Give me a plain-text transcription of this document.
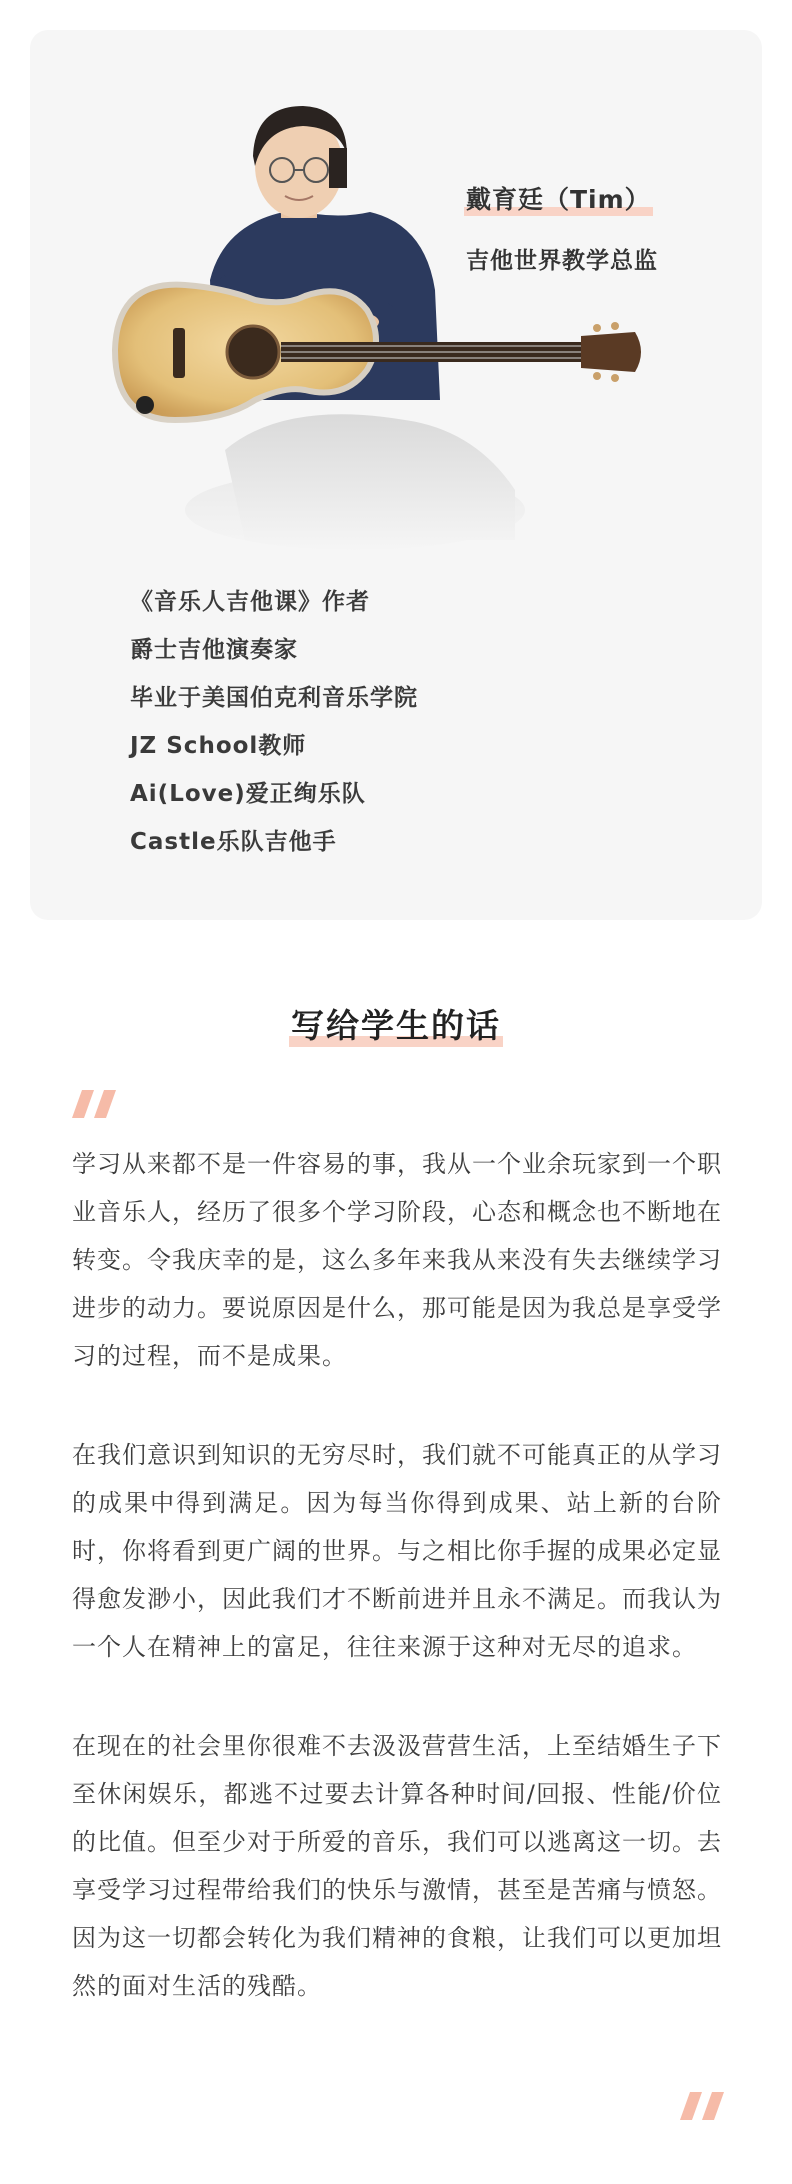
戴育廷（Tim）
吉他世界教学总监
《音乐人吉他课》作者
爵士吉他演奏家
毕业于美国伯克利音乐学院
JZ School教师
Ai(Love)爱正绚乐队
Castle乐队吉他手
写给学生的话

学习从来都不是一件容易的事，我从一个业余玩家到一个职业音乐人，经历了很多个学习阶段，心态和概念也不断地在转变。令我庆幸的是，这么多年来我从来没有失去继续学习进步的动力。要说原因是什么，那可能是因为我总是享受学习的过程，而不是成果。

在我们意识到知识的无穷尽时，我们就不可能真正的从学习的成果中得到满足。因为每当你得到成果、站上新的台阶时，你将看到更广阔的世界。与之相比你手握的成果必定显得愈发渺小，因此我们才不断前进并且永不满足。而我认为一个人在精神上的富足，往往来源于这种对无尽的追求。

在现在的社会里你很难不去汲汲营营生活，上至结婚生子下至休闲娱乐，都逃不过要去计算各种时间/回报、性能/价位的比值。但至少对于所爱的音乐，我们可以逃离这一切。去享受学习过程带给我们的快乐与激情，甚至是苦痛与愤怒。因为这一切都会转化为我们精神的食粮，让我们可以更加坦然的面对生活的残酷。
